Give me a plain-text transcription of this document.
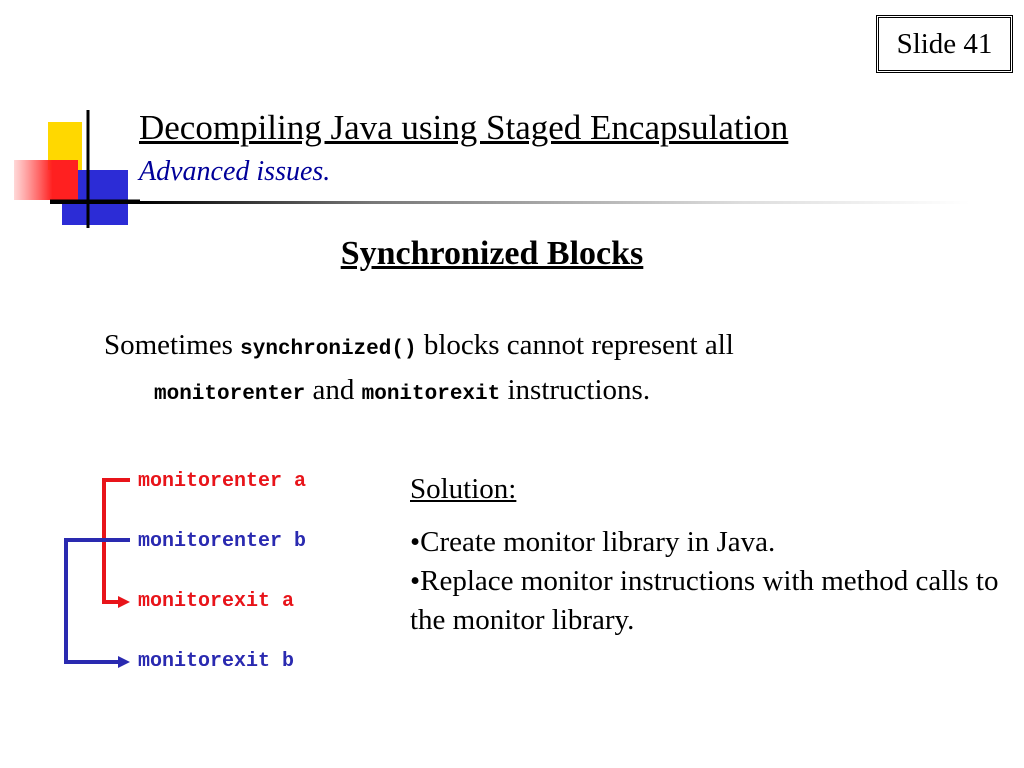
Slide 41
Decompiling Java using Staged Encapsulation
Advanced issues.
Synchronized Blocks
Sometimes synchronized() blocks cannot represent all
monitorenter and monitorexit instructions.
monitorenter a
monitorenter b
monitorexit a
monitorexit b
Solution:
•Create monitor library in Java.
•Replace monitor instructions with method calls to the monitor library.
